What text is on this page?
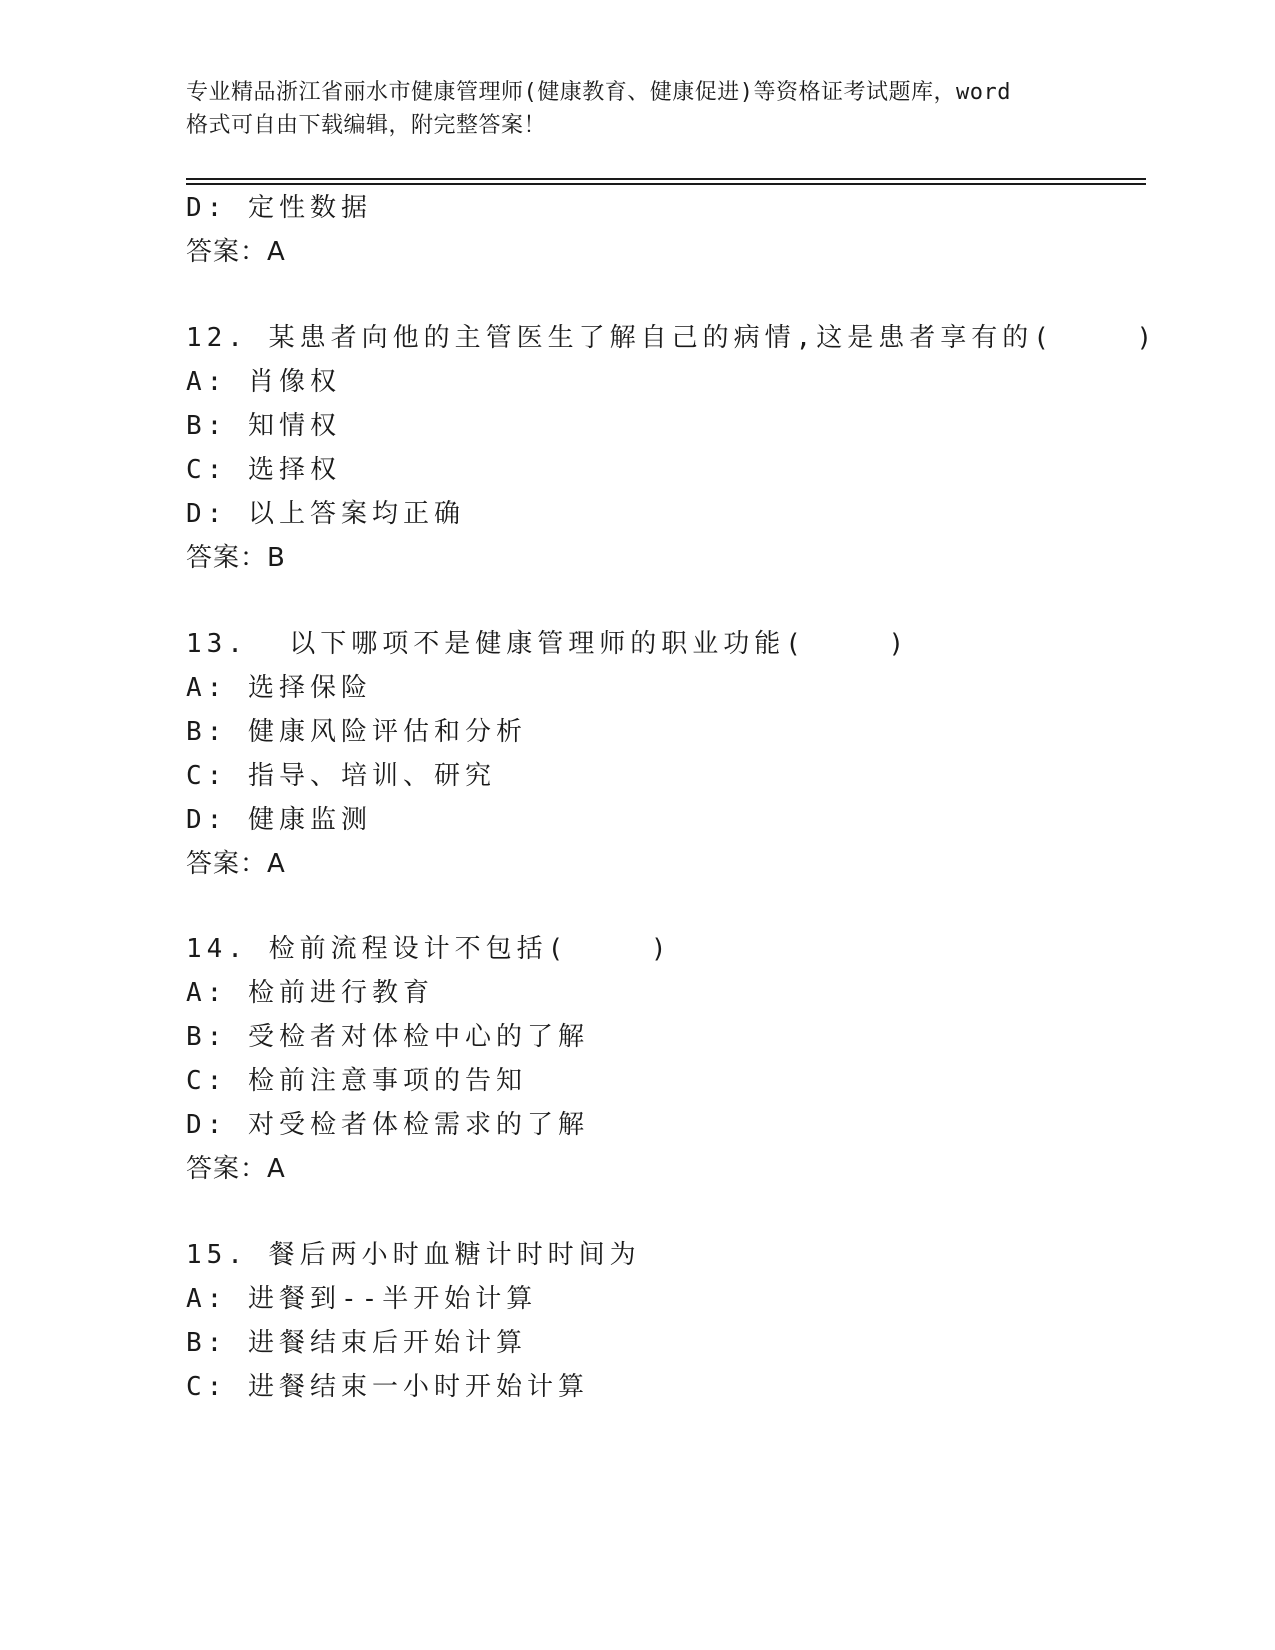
专业精品浙江省丽水市健康管理师(健康教育、健康促进)等资格证考试题库，word
格式可自由下载编辑，附完整答案！
D: 定性数据
答案：A
12. 某患者向他的主管医生了解自己的病情,这是患者享有的(    )
A: 肖像权
B: 知情权
C: 选择权
D: 以上答案均正确
答案：B
13.  以下哪项不是健康管理师的职业功能(    )
A: 选择保险
B: 健康风险评估和分析
C: 指导、培训、研究
D: 健康监测
答案：A
14. 检前流程设计不包括(    )
A: 检前进行教育
B: 受检者对体检中心的了解
C: 检前注意事项的告知
D: 对受检者体检需求的了解
答案：A
15. 餐后两小时血糖计时时间为
A: 进餐到--半开始计算
B: 进餐结束后开始计算
C: 进餐结束一小时开始计算
